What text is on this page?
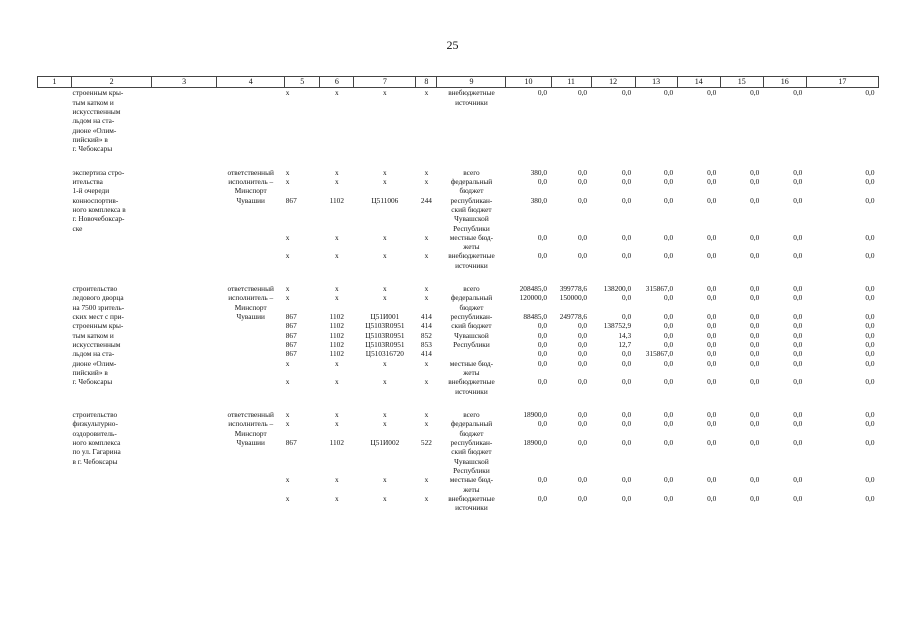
25
1	2	3	4	5	6	7	8	9	10	11	12	13	14	15	16	17
	строенным кры-			х	х	х	х	внебюджетные	0,0	0,0	0,0	0,0	0,0	0,0	0,0	0,0
	тым катком и							источники								
	искусственным															
	льдом на ста-															
	дионе «Олим-															
	пийский» в															
	г. Чебоксары															

	экспертиза стро-		ответственный	х	х	х	х	всего	380,0	0,0	0,0	0,0	0,0	0,0	0,0	0,0
	ительства		исполнитель –	х	х	х	х	федеральный	0,0	0,0	0,0	0,0	0,0	0,0	0,0	0,0
	1-й очереди		Минспорт					бюджет								
	конноспортив-		Чувашии	867	1102	Ц511006	244	республикан-	380,0	0,0	0,0	0,0	0,0	0,0	0,0	0,0
	ного комплекса в							ский бюджет								
	г. Новочебоксар-							Чувашской								
	ске							Республики								
				х	х	х	х	местные бюд-	0,0	0,0	0,0	0,0	0,0	0,0	0,0	0,0
								жеты								
				х	х	х	х	внебюджетные	0,0	0,0	0,0	0,0	0,0	0,0	0,0	0,0
								источники								

	строительство		ответственный	х	х	х	х	всего	208485,0	399778,6	138200,0	315867,0	0,0	0,0	0,0	0,0
	ледового дворца		исполнитель –	х	х	х	х	федеральный	120000,0	150000,0	0,0	0,0	0,0	0,0	0,0	0,0
	на 7500 зритель-		Минспорт					бюджет								
	ских мест с при-		Чувашии	867	1102	Ц51И001	414	республикан-	88485,0	249778,6	0,0	0,0	0,0	0,0	0,0	0,0
	строенным кры-			867	1102	Ц5103R0951	414	ский бюджет	0,0	0,0	138752,9	0,0	0,0	0,0	0,0	0,0
	тым катком и			867	1102	Ц5103R0951	852	Чувашской	0,0	0,0	14,3	0,0	0,0	0,0	0,0	0,0
	искусственным			867	1102	Ц5103R0951	853	Республики	0,0	0,0	12,7	0,0	0,0	0,0	0,0	0,0
	льдом на ста-			867	1102	Ц510316720	414		0,0	0,0	0,0	315867,0	0,0	0,0	0,0	0,0
	дионе «Олим-			х	х	х	х	местные бюд-	0,0	0,0	0,0	0,0	0,0	0,0	0,0	0,0
	пийский» в							жеты								
	г. Чебоксары			х	х	х	х	внебюджетные	0,0	0,0	0,0	0,0	0,0	0,0	0,0	0,0
								источники								

	строительство		ответственный	х	х	х	х	всего	18900,0	0,0	0,0	0,0	0,0	0,0	0,0	0,0
	физкультурно-		исполнитель –	х	х	х	х	федеральный	0,0	0,0	0,0	0,0	0,0	0,0	0,0	0,0
	оздоровитель-		Минспорт					бюджет								
	ного комплекса		Чувашии	867	1102	Ц51И002	522	республикан-	18900,0	0,0	0,0	0,0	0,0	0,0	0,0	0,0
	по ул. Гагарина							ский бюджет								
	в г. Чебоксары							Чувашской								
								Республики								
				х	х	х	х	местные бюд-	0,0	0,0	0,0	0,0	0,0	0,0	0,0	0,0
								жеты								
				х	х	х	х	внебюджетные	0,0	0,0	0,0	0,0	0,0	0,0	0,0	0,0
								источники								
